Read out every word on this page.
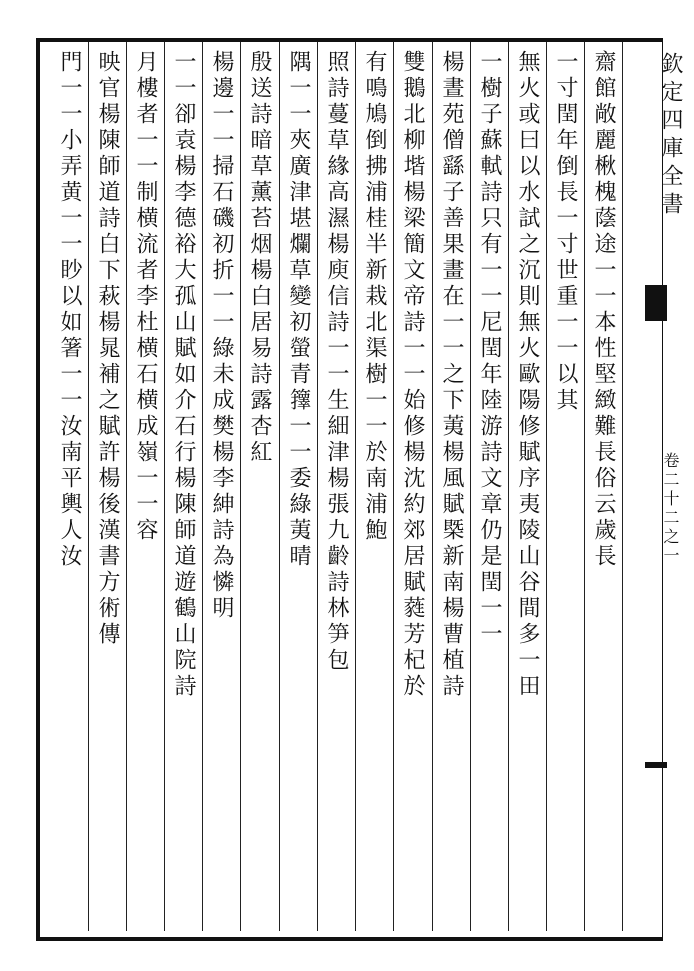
齋館敞麗楸槐蔭途一一本性堅緻難長俗云歲長
一寸閏年倒長一寸世重一一以其
無火或曰以水試之沉則無火歐陽修賦序夷陵山谷間多一田
一樹子蘇軾詩只有一一尼閏年陸游詩文章仍是閏一一
楊晝苑僧繇子善果畫在一一之下荑楊風賦槩新南楊曹植詩
雙鵝北柳堦楊梁簡文帝詩一一始修楊沈約郊居賦蕤芳杞於
有鳴鳩倒拂浦桂半新栽北渠樹一一於南浦鮑
照詩蔓草緣高濕楊庾信詩一一生細津楊張九齡詩林笋包
隅一一夾廣津堪爛草變初螢青籜一一委綠荑晴
殷送詩暗草薰苔烟楊白居易詩露杏紅
楊邊一一掃石磯初折一一綠未成樊楊李紳詩為憐明
一一卻袁楊李德裕大孤山賦如介石行楊陳師道遊鶴山院詩
月樓者一一制横流者李杜横石横成嶺一一容
映官楊陳師道詩白下萩楊晁補之賦許楊後漢書方術傳
門一一小弄黄一一眇以如箸一一汝南平輿人汝	欽定四庫全書
卷二十二之一
